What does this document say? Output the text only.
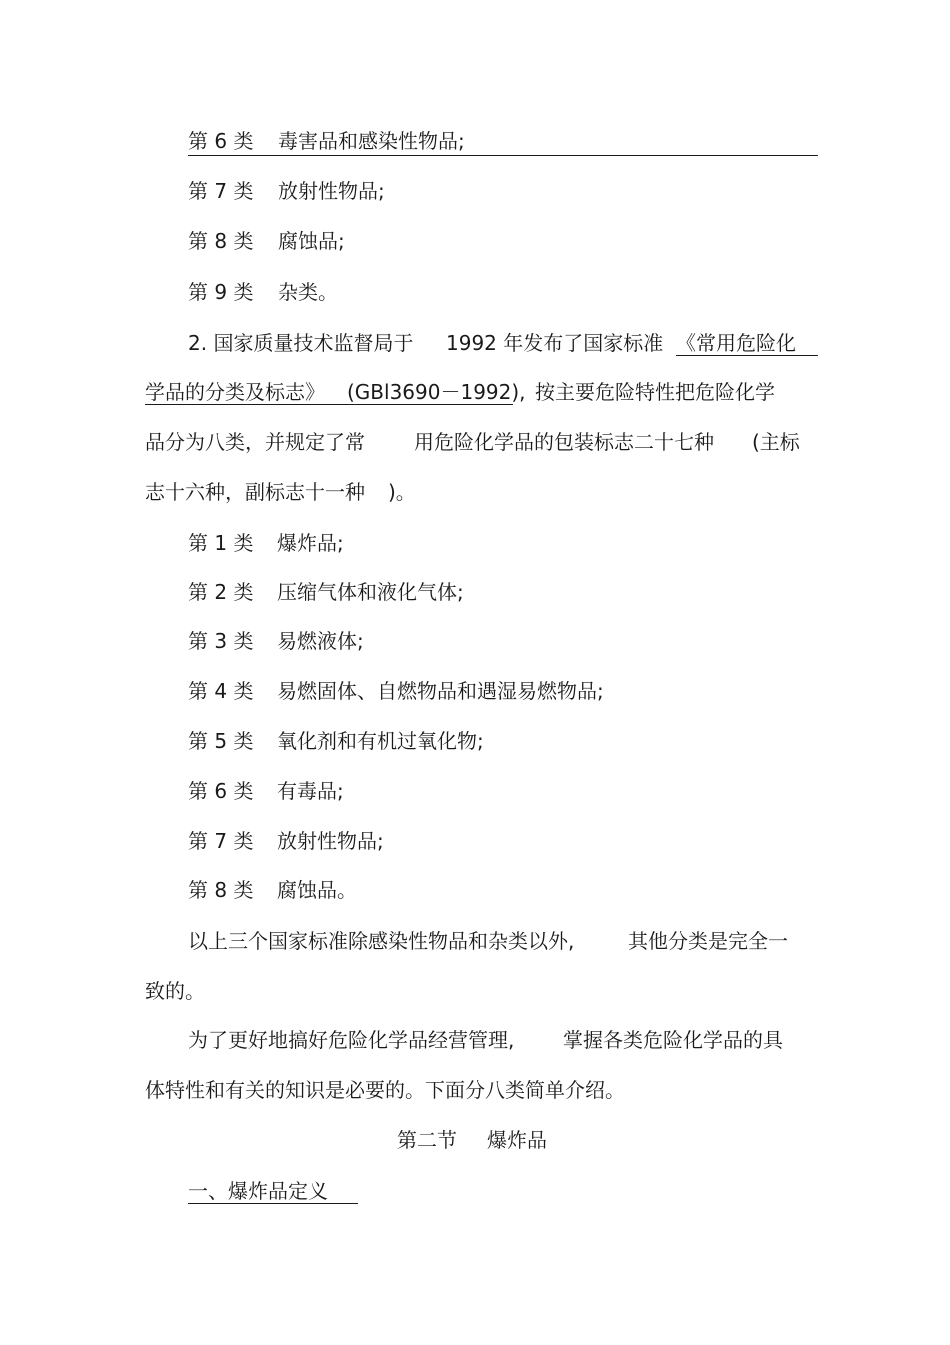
第 6 类 毒害品和感染性物品;
第 7 类 放射性物品;
第 8 类 腐蚀品;
第 9 类 杂类。
2. 国家质量技术监督局于 1992 年发布了国家标准 《常用危险化
学品的分类及标志》 (GBl3690－1992), 按主要危险特性把危险化学
品分为八类，并规定了常 用危险化学品的包装标志二十七种 (主标
志十六种，副标志十一种 )。
第 1 类 爆炸品;
第 2 类 压缩气体和液化气体;
第 3 类 易燃液体;
第 4 类 易燃固体、自燃物品和遇湿易燃物品;
第 5 类 氧化剂和有机过氧化物;
第 6 类 有毒品;
第 7 类 放射性物品;
第 8 类 腐蚀品。
以上三个国家标准除感染性物品和杂类以外,	其他分类是完全一
致的。
为了更好地搞好危险化学品经营管理, 掌握各类危险化学品的具
体特性和有关的知识是必要的。下面分八类简单介绍。
第二节 爆炸品
一、爆炸品定义
